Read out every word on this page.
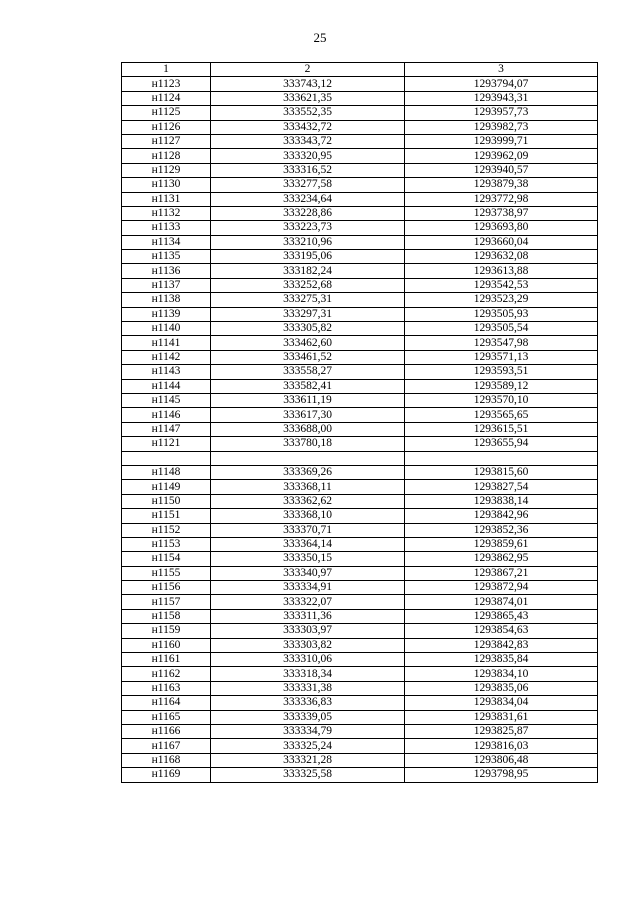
25
1	2	3
н1123	333743,12	1293794,07
н1124	333621,35	1293943,31
н1125	333552,35	1293957,73
н1126	333432,72	1293982,73
н1127	333343,72	1293999,71
н1128	333320,95	1293962,09
н1129	333316,52	1293940,57
н1130	333277,58	1293879,38
н1131	333234,64	1293772,98
н1132	333228,86	1293738,97
н1133	333223,73	1293693,80
н1134	333210,96	1293660,04
н1135	333195,06	1293632,08
н1136	333182,24	1293613,88
н1137	333252,68	1293542,53
н1138	333275,31	1293523,29
н1139	333297,31	1293505,93
н1140	333305,82	1293505,54
н1141	333462,60	1293547,98
н1142	333461,52	1293571,13
н1143	333558,27	1293593,51
н1144	333582,41	1293589,12
н1145	333611,19	1293570,10
н1146	333617,30	1293565,65
н1147	333688,00	1293615,51
н1121	333780,18	1293655,94

н1148	333369,26	1293815,60
н1149	333368,11	1293827,54
н1150	333362,62	1293838,14
н1151	333368,10	1293842,96
н1152	333370,71	1293852,36
н1153	333364,14	1293859,61
н1154	333350,15	1293862,95
н1155	333340,97	1293867,21
н1156	333334,91	1293872,94
н1157	333322,07	1293874,01
н1158	333311,36	1293865,43
н1159	333303,97	1293854,63
н1160	333303,82	1293842,83
н1161	333310,06	1293835,84
н1162	333318,34	1293834,10
н1163	333331,38	1293835,06
н1164	333336,83	1293834,04
н1165	333339,05	1293831,61
н1166	333334,79	1293825,87
н1167	333325,24	1293816,03
н1168	333321,28	1293806,48
н1169	333325,58	1293798,95
